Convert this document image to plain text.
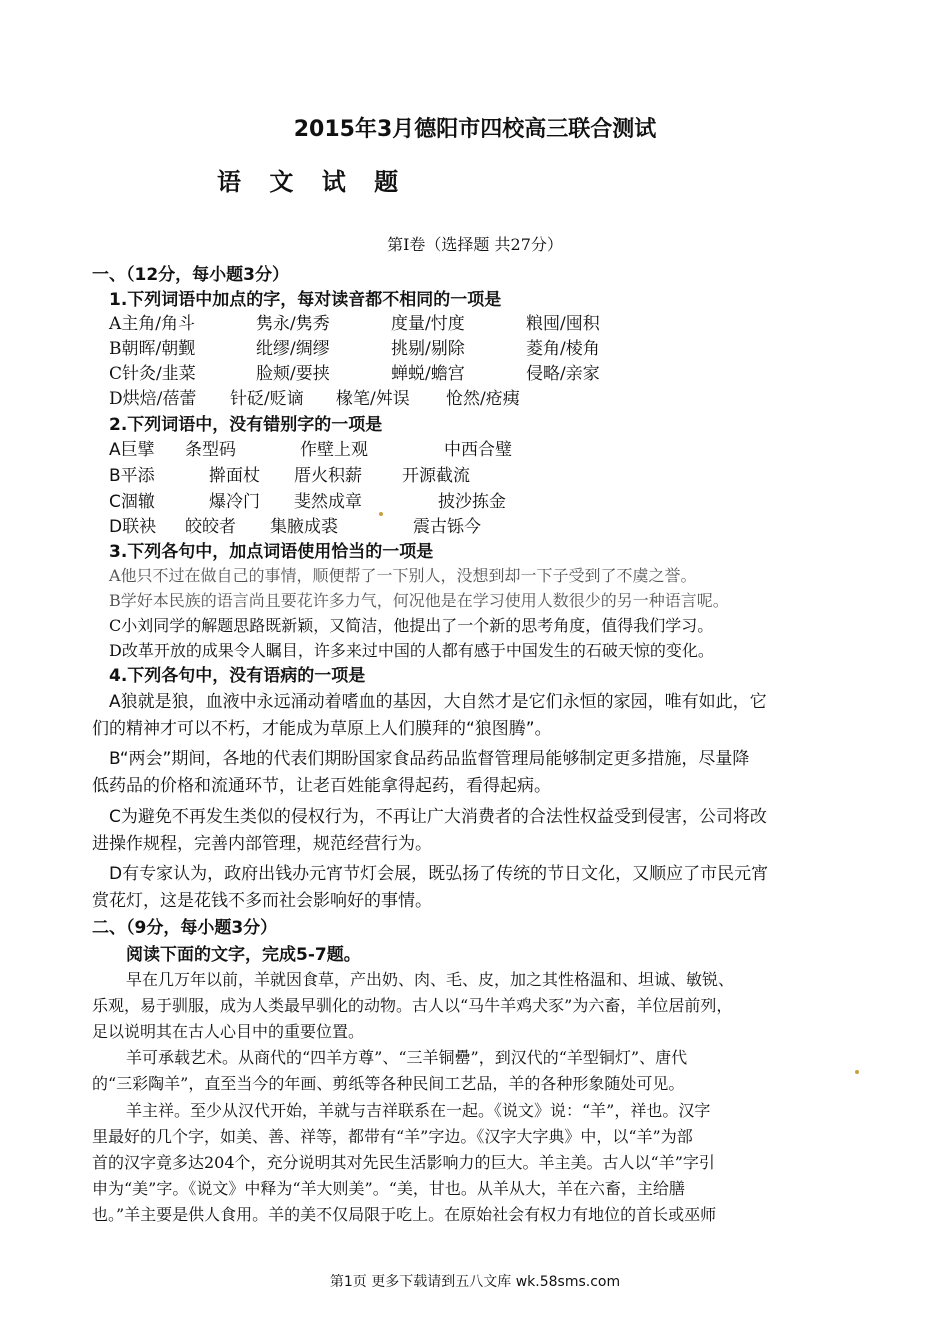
2015年3月德阳市四校高三联合测试
语 文 试 题
第Ⅰ卷（选择题 共27分）
一、（12分，每小题3分）
1.下列词语中加点的字，每对读音都不相同的一项是
A主角/角斗	隽永/隽秀	度量/忖度	粮囤/囤积
B朝晖/朝觐	纰缪/绸缪	挑剔/剔除	菱角/棱角
C针灸/韭菜	脸颊/要挟	蝉蜕/蟾宫	侵略/亲家
D烘焙/蓓蕾 针砭/贬谪 椽笔/舛误 怆然/疮痍
2.下列词语中，没有错别字的一项是
A巨擘 条型码	作壁上观	中西合璧
B平添	擀面杖 厝火积薪 开源截流
C涸辙	爆冷门 斐然成章	披沙拣金
D联袂 皎皎者 集腋成裘	震古铄今
3.下列各句中，加点词语使用恰当的一项是
A他只不过在做自己的事情，顺便帮了一下别人，没想到却一下子受到了不虞之誉。
B学好本民族的语言尚且要花许多力气，何况他是在学习使用人数很少的另一种语言呢。
C小刘同学的解题思路既新颖，又简洁，他提出了一个新的思考角度，值得我们学习。
D改革开放的成果令人瞩目，许多来过中国的人都有感于中国发生的石破天惊的变化。
4.下列各句中，没有语病的一项是
A狼就是狼，血液中永远涌动着嗜血的基因，大自然才是它们永恒的家园，唯有如此，它
们的精神才可以不朽，才能成为草原上人们膜拜的“狼图腾”。
B“两会”期间，各地的代表们期盼国家食品药品监督管理局能够制定更多措施，尽量降
低药品的价格和流通环节，让老百姓能拿得起药，看得起病。
C为避免不再发生类似的侵权行为，不再让广大消费者的合法性权益受到侵害，公司将改
进操作规程，完善内部管理，规范经营行为。
D有专家认为，政府出钱办元宵节灯会展，既弘扬了传统的节日文化，又顺应了市民元宵
赏花灯，这是花钱不多而社会影响好的事情。
二、（9分，每小题3分）
阅读下面的文字，完成5-7题。
早在几万年以前，羊就因食草，产出奶、肉、毛、皮，加之其性格温和、坦诚、敏锐、
乐观，易于驯服，成为人类最早驯化的动物。古人以“马牛羊鸡犬豕”为六畜，羊位居前列，
足以说明其在古人心目中的重要位置。
羊可承载艺术。从商代的“四羊方尊”、“三羊铜罍”，到汉代的“羊型铜灯”、唐代
的“三彩陶羊”，直至当今的年画、剪纸等各种民间工艺品，羊的各种形象随处可见。
羊主祥。至少从汉代开始，羊就与吉祥联系在一起。《说文》说：“羊”，祥也。汉字
里最好的几个字，如美、善、祥等，都带有“羊”字边。《汉字大字典》中，以“羊”为部
首的汉字竟多达204个，充分说明其对先民生活影响力的巨大。羊主美。古人以“羊”字引
申为“美”字。《说文》中释为“羊大则美”。“美，甘也。从羊从大，羊在六畜，主给膳
也。”羊主要是供人食用。羊的美不仅局限于吃上。在原始社会有权力有地位的首长或巫师
第1页 更多下载请到五八文库 wk.58sms.com
